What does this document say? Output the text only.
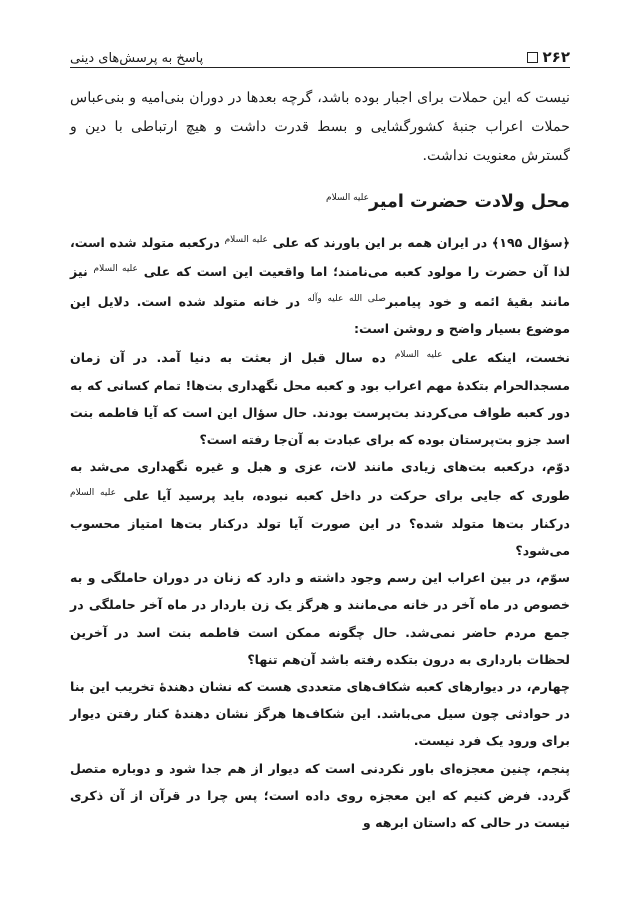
۲۶۲
پاسخ به پرسش‌های دینی

نیست که این حملات برای اجبار بوده باشد، گرچه بعدها در دوران بنی‌امیه و بنی‌عباس حملات اعراب جنبهٔ کشورگشایی و بسط قدرت داشت و هیچ ارتباطی با دین و گسترش معنویت نداشت.

محل ولادت حضرت امیر$^{عليه السلام}$

﴿سؤال ۱۹۵﴾ در ایران همه بر این باورند که علی $^{عليه السلام}$ درکعبه متولد شده است، لذا آن حضرت را مولود کعبه می‌نامند؛ اما واقعیت این است که علی $^{عليه السلام}$ نیز مانند بقیهٔ ائمه و خود پیامبر$^{صلى الله عليه وآله}$ در خانه متولد شده است. دلایل این موضوع بسیار واضح و روشن است:

نخست، اینکه علی $^{عليه السلام}$ ده سال قبل از بعثت به دنیا آمد. در آن زمان مسجدالحرام بتکدهٔ مهم اعراب بود و کعبه محل نگهداری بت‌ها! تمام کسانی که به دور کعبه طواف می‌کردند بت‌پرست بودند. حال سؤال این است که آیا فاطمه بنت اسد جزو بت‌پرستان بوده که برای عبادت به آن‌جا رفته است؟

دوّم، درکعبه بت‌های زیادی مانند لات، عزی و هبل و غیره نگهداری می‌شد به طوری که جایی برای حرکت در داخل کعبه نبوده، باید پرسید آیا علی $^{عليه السلام}$ درکنار بت‌ها متولد شده؟ در این صورت آیا تولد درکنار بت‌ها امتیاز محسوب می‌شود؟

سوّم، در بین اعراب این رسم وجود داشته و دارد که زنان در دوران حاملگی و به خصوص در ماه آخر در خانه می‌مانند و هرگز یک زن باردار در ماه آخر حاملگی در جمع مردم حاضر نمی‌شد. حال چگونه ممکن است فاطمه بنت اسد در آخرین لحظات بارداری به درون بتکده رفته باشد آن‌هم تنها؟

چهارم، در دیوارهای کعبه شکاف‌های متعددی هست که نشان دهندهٔ تخریب این بنا در حوادثی چون سیل می‌باشد. این شکاف‌ها هرگز نشان دهندهٔ کنار رفتن دیوار برای ورود یک فرد نیست.

پنجم، چنین معجزه‌ای باور نکردنی است که دیوار از هم جدا شود و دوباره متصل گردد. فرض کنیم که این معجزه روی داده است؛ پس چرا در قرآن از آن ذکری نیست در حالی که داستان ابرهه و
